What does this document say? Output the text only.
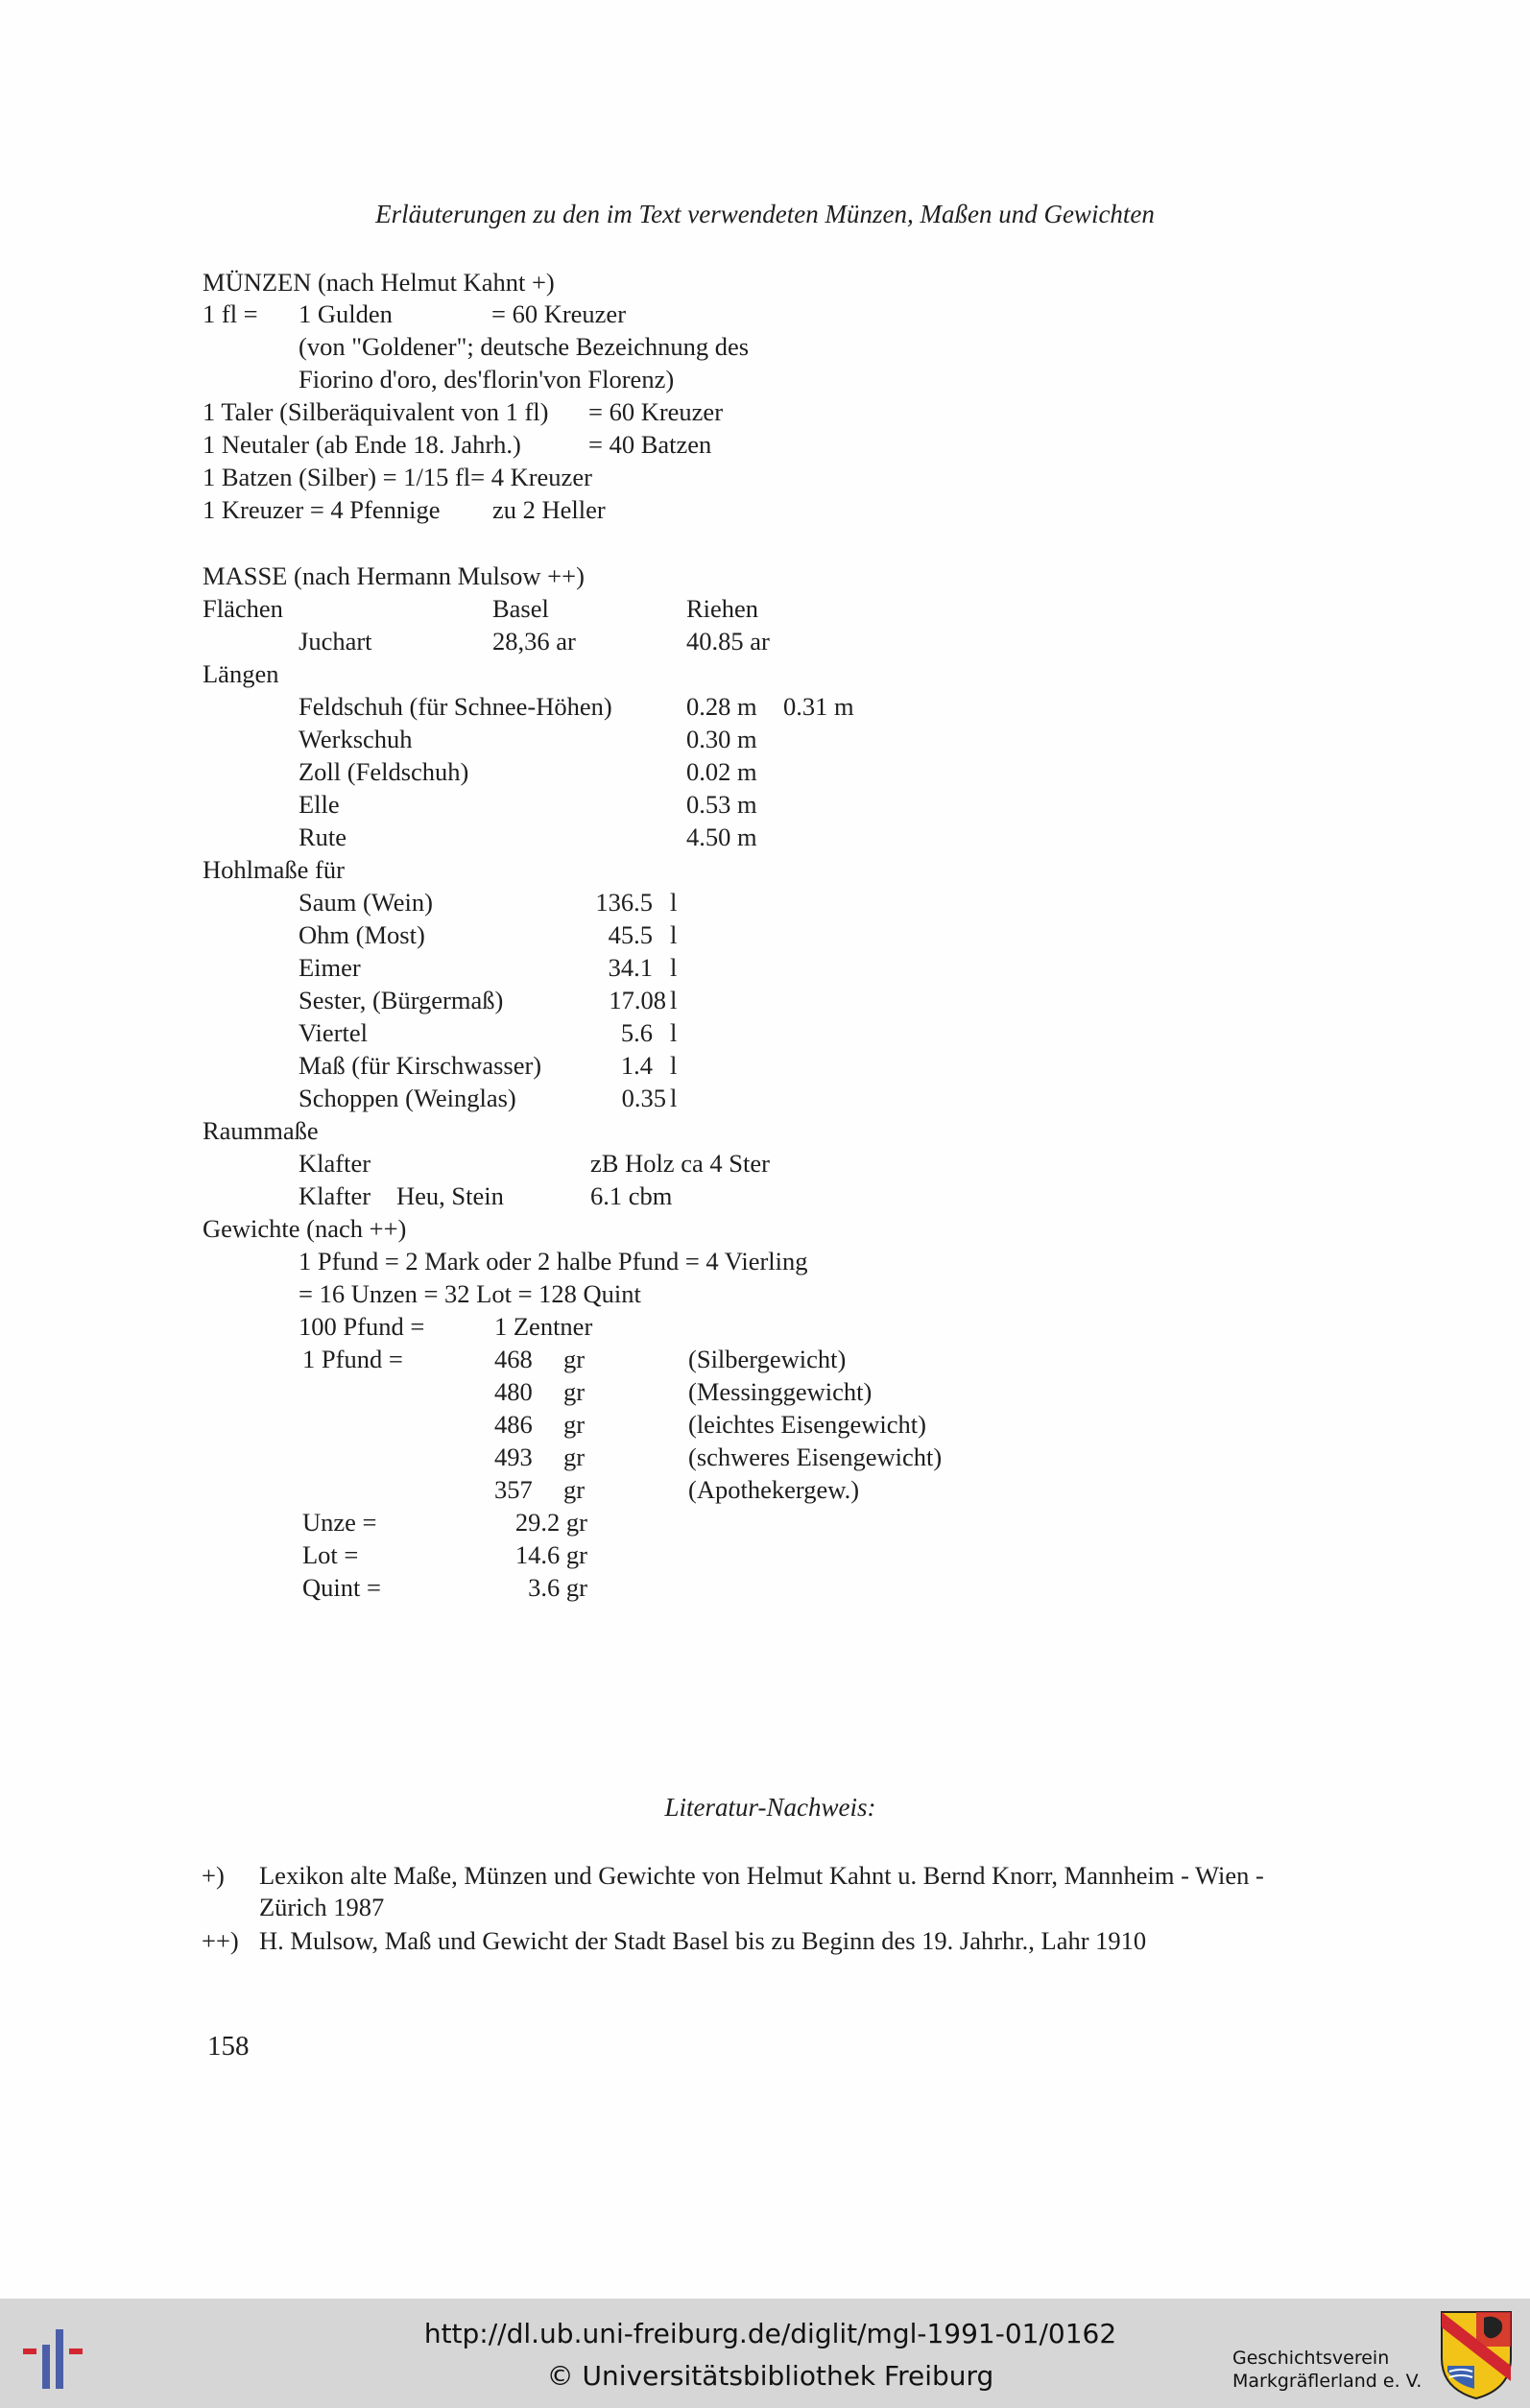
Erläuterungen zu den im Text verwendeten Münzen, Maßen und Gewichten
MÜNZEN (nach Helmut Kahnt +)
1 fl = 1 Gulden	= 60 Kreuzer
(von "Goldener"; deutsche Bezeichnung des
Fiorino d'oro, des'florin'von Florenz)
1 Taler (Silberäquivalent von 1 fl) = 60 Kreuzer
1 Neutaler (ab Ende 18. Jahrh.)	= 40 Batzen
1 Batzen (Silber) = 1/15 fl= 4 Kreuzer
1 Kreuzer = 4 Pfennige zu 2 Heller
MASSE (nach Hermann Mulsow ++)
Flächen	Basel	Riehen
Juchart	28,36 ar	40.85 ar
Längen
Feldschuh (für Schnee-Höhen)	0.28 m 0.31 m
Werkschuh	0.30 m
Zoll (Feldschuh)	0.02 m
Elle	0.53 m
Rute	4.50 m
Hohlmaße für
Saum (Wein)	136.5 l
Ohm (Most)	45.5 l
Eimer	34.1 l
Sester, (Bürgermaß)	17.08 l
Viertel	5.6 l
Maß (für Kirschwasser)	1.4 l
Schoppen (Weinglas)	0.35 l
Raummaße
Klafter	zB Holz ca 4 Ster
Klafter Heu, Stein	6.1 cbm
Gewichte (nach ++)
1 Pfund = 2 Mark oder 2 halbe Pfund = 4 Vierling
= 16 Unzen = 32 Lot = 128 Quint
100 Pfund =	1 Zentner
1 Pfund =	468 gr	(Silbergewicht)
480 gr	(Messinggewicht)
486 gr	(leichtes Eisengewicht)
493 gr	(schweres Eisengewicht)
357 gr	(Apothekergew.)
Unze =	29.2 gr
Lot =	14.6 gr
Quint =	3.6 gr
Literatur-Nachweis:
+) Lexikon alte Maße, Münzen und Gewichte von Helmut Kahnt u. Bernd Knorr, Mannheim - Wien - Zürich 1987
++) H. Mulsow, Maß und Gewicht der Stadt Basel bis zu Beginn des 19. Jahrhr., Lahr 1910
158
http://dl.ub.uni-freiburg.de/diglit/mgl-1991-01/0162
© Universitätsbibliothek Freiburg
Geschichtsverein
Markgräflerland e. V.
